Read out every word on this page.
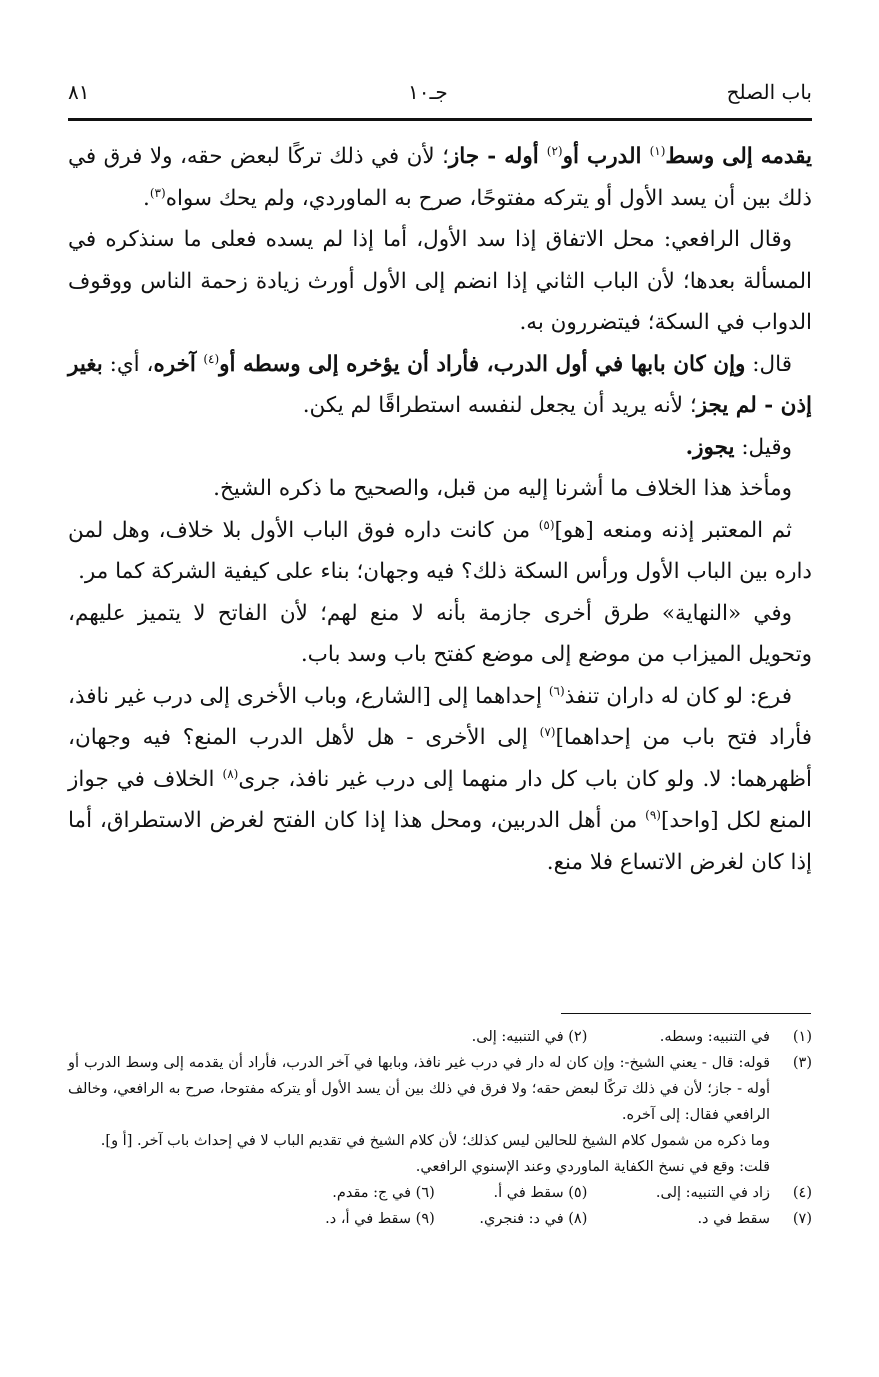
باب الصلح
جـ١٠
٨١

يقدمه إلى وسط$^{(١)}$ الدرب أو$^{(٢)}$ أوله - جاز؛ لأن في ذلك تركًا لبعض حقه، ولا فرق في ذلك بين أن يسد الأول أو يتركه مفتوحًا، صرح به الماوردي، ولم يحك سواه$^{(٣)}$.

وقال الرافعي: محل الاتفاق إذا سد الأول، أما إذا لم يسده فعلى ما سنذكره في المسألة بعدها؛ لأن الباب الثاني إذا انضم إلى الأول أورث زيادة زحمة الناس ووقوف الدواب في السكة؛ فيتضررون به.

قال: وإن كان بابها في أول الدرب، فأراد أن يؤخره إلى وسطه أو$^{(٤)}$ آخره، أي: بغير إذن - لم يجز؛ لأنه يريد أن يجعل لنفسه استطراقًا لم يكن.

وقيل: يجوز.

ومأخذ هذا الخلاف ما أشرنا إليه من قبل، والصحيح ما ذكره الشيخ.

ثم المعتبر إذنه ومنعه [هو]$^{(٥)}$ من كانت داره فوق الباب الأول بلا خلاف، وهل لمن داره بين الباب الأول ورأس السكة ذلك؟ فيه وجهان؛ بناء على كيفية الشركة كما مر.

وفي «النهاية» طرق أخرى جازمة بأنه لا منع لهم؛ لأن الفاتح لا يتميز عليهم، وتحويل الميزاب من موضع إلى موضع كفتح باب وسد باب.

فرع: لو كان له داران تنفذ$^{(٦)}$ إحداهما إلى [الشارع، وباب الأخرى إلى درب غير نافذ، فأراد فتح باب من إحداهما]$^{(٧)}$ إلى الأخرى - هل لأهل الدرب المنع؟ فيه وجهان، أظهرهما: لا. ولو كان باب كل دار منهما إلى درب غير نافذ، جرى$^{(٨)}$ الخلاف في جواز المنع لكل [واحد]$^{(٩)}$ من أهل الدربين، ومحل هذا إذا كان الفتح لغرض الاستطراق، أما إذا كان لغرض الاتساع فلا منع.

(١)
في التنبيه: وسطه. (٢) في التنبيه: إلى.
(٣)
قوله: قال - يعني الشيخ-: وإن كان له دار في درب غير نافذ، وبابها في آخر الدرب، فأراد أن يقدمه إلى وسط الدرب أو أوله - جاز؛ لأن في ذلك تركًا لبعض حقه؛ ولا فرق في ذلك بين أن يسد الأول أو يتركه مفتوحا، صرح به الرافعي، وخالف الرافعي فقال: إلى آخره.
وما ذكره من شمول كلام الشيخ للحالين ليس كذلك؛ لأن كلام الشيخ في تقديم الباب لا في إحداث باب آخر. [أ و].
قلت: وقع في نسخ الكفاية الماوردي وعند الإسنوي الرافعي.
(٤)
زاد في التنبيه: إلى. (٥) سقط في أ. (٦) في ج: مقدم.
(٧)
سقط في د. (٨) في د: فنجري. (٩) سقط في أ، د.
